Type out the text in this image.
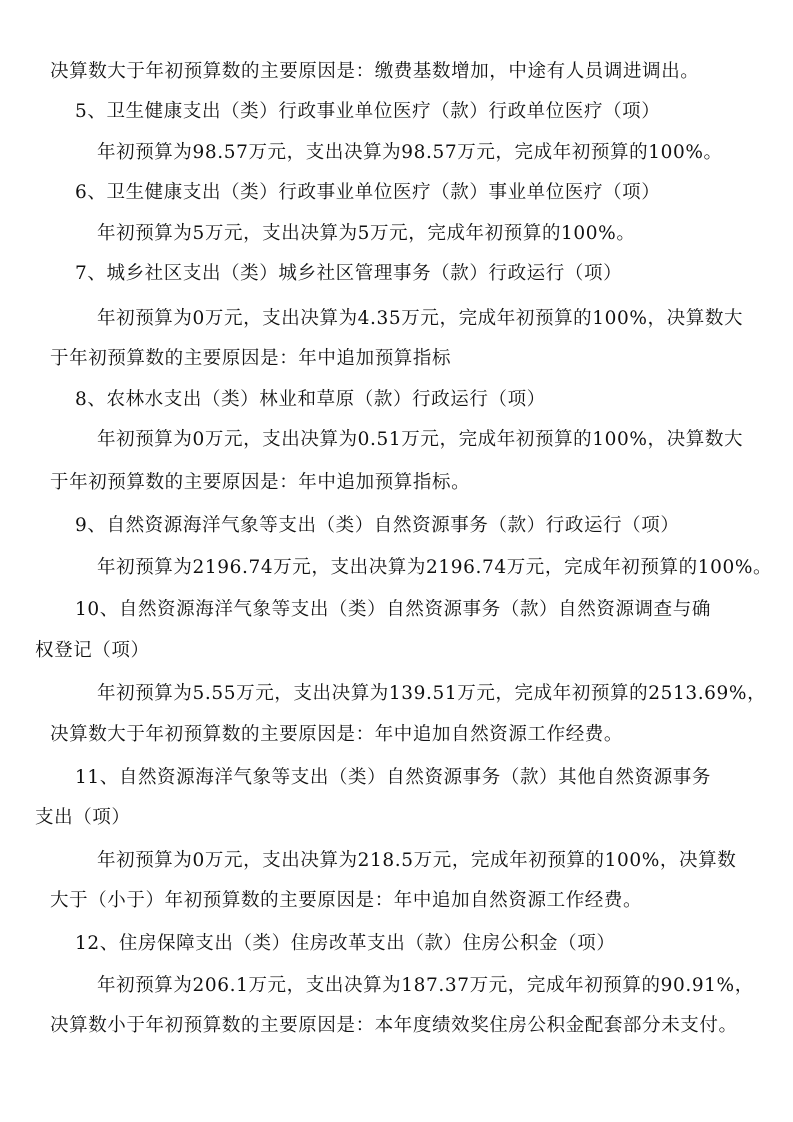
决算数大于年初预算数的主要原因是：缴费基数增加，中途有人员调进调出。
5、卫生健康支出（类）行政事业单位医疗（款）行政单位医疗（项）
年初预算为98.57万元，支出决算为98.57万元，完成年初预算的100%。
6、卫生健康支出（类）行政事业单位医疗（款）事业单位医疗（项）
年初预算为5万元，支出决算为5万元，完成年初预算的100%。
7、城乡社区支出（类）城乡社区管理事务（款）行政运行（项）
年初预算为0万元，支出决算为4.35万元，完成年初预算的100%，决算数大
于年初预算数的主要原因是：年中追加预算指标
8、农林水支出（类）林业和草原（款）行政运行（项）
年初预算为0万元，支出决算为0.51万元，完成年初预算的100%，决算数大
于年初预算数的主要原因是：年中追加预算指标。
9、自然资源海洋气象等支出（类）自然资源事务（款）行政运行（项）
年初预算为2196.74万元，支出决算为2196.74万元，完成年初预算的100%。
10、自然资源海洋气象等支出（类）自然资源事务（款）自然资源调查与确
权登记（项）
年初预算为5.55万元，支出决算为139.51万元，完成年初预算的2513.69%，
决算数大于年初预算数的主要原因是：年中追加自然资源工作经费。
11、自然资源海洋气象等支出（类）自然资源事务（款）其他自然资源事务
支出（项）
年初预算为0万元，支出决算为218.5万元，完成年初预算的100%，决算数
大于（小于）年初预算数的主要原因是：年中追加自然资源工作经费。
12、住房保障支出（类）住房改革支出（款）住房公积金（项）
年初预算为206.1万元，支出决算为187.37万元，完成年初预算的90.91%，
决算数小于年初预算数的主要原因是：本年度绩效奖住房公积金配套部分未支付。
